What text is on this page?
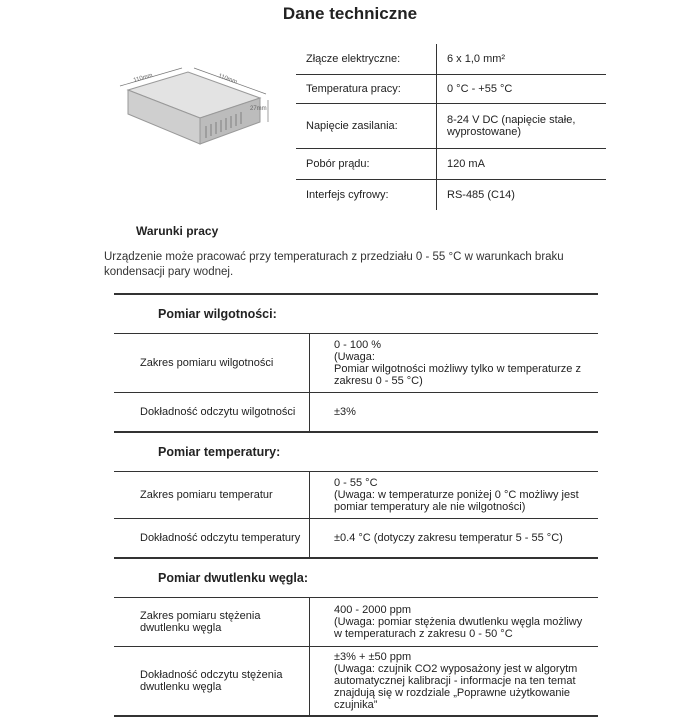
Dane techniczne
110mm	110mm
27mm
Złącze elektryczne:	6 x 1,0 mm²
Temperatura pracy:	0 °C - +55 °C
Napięcie zasilania:	8-24 V DC (napięcie stałe, wyprostowane)
Pobór prądu:	120 mA
Interfejs cyfrowy:	RS-485 (C14)
Warunki pracy
Urządzenie może pracować przy temperaturach z przedziału 0 - 55 °C w warunkach braku kondensacji pary wodnej.
Pomiar wilgotności:	
Zakres pomiaru wilgotności	0 - 100 %
(Uwaga:
Pomiar wilgotności możliwy tylko w temperaturze z zakresu 0 - 55 °C)

Dokładność odczytu wilgotności	±3%
Pomiar temperatury:	
Zakres pomiaru temperatur	0 - 55 °C
(Uwaga: w temperaturze poniżej 0 °C możliwy jest pomiar temperatury ale nie wilgotności)

Dokładność odczytu temperatury	±0.4 °C (dotyczy zakresu temperatur 5 - 55 °C)
Pomiar dwutlenku węgla:	
Zakres pomiaru stężenia dwutlenku węgla	400 - 2000 ppm
(Uwaga: pomiar stężenia dwutlenku węgla możliwy w temperaturach z zakresu 0 - 50 °C

Dokładność odczytu stężenia dwutlenku węgla	±3% + ±50 ppm
(Uwaga: czujnik CO2 wyposażony jest w algorytm automatycznej kalibracji - informacje na ten temat znajdują się w rozdziale „Poprawne użytkowanie czujnika”
